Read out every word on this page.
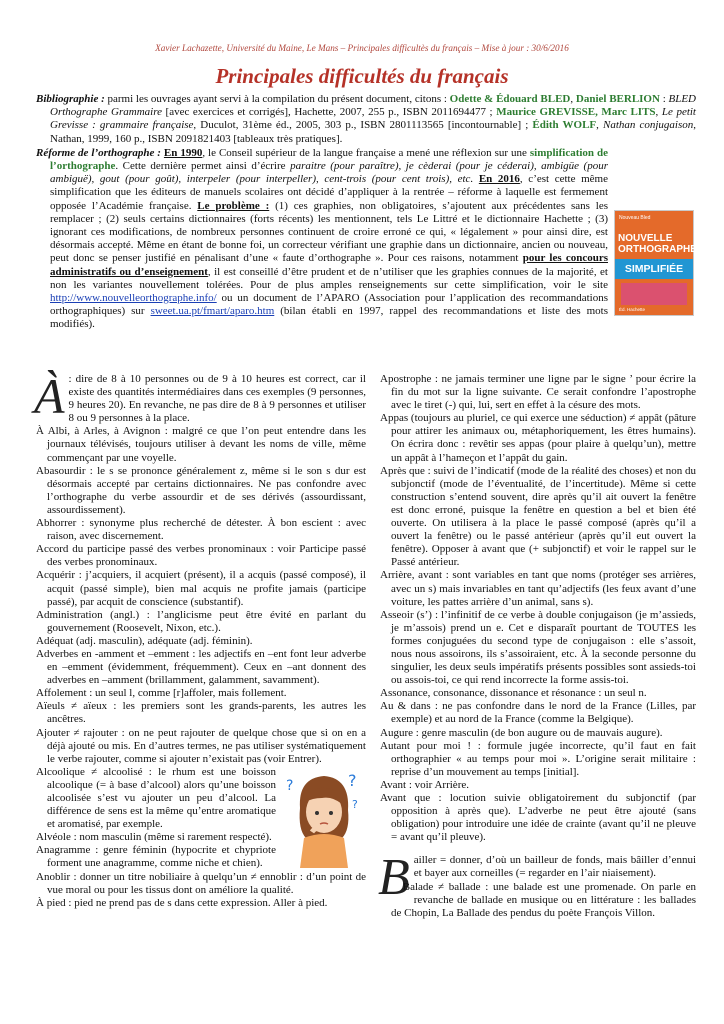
Xavier Lachazette, Université du Maine, Le Mans – Principales difficultès du français – Mise à jour : 30/6/2016
Principales difficultés du français

Bibliographie : parmi les ouvrages ayant servi à la compilation du présent document, citons : Odette & Édouard BLED, Daniel BERLION : BLED Orthographe Grammaire [avec exercices et corrigés], Hachette, 2007, 255 p., ISBN 2011694477 ; Maurice GREVISSE, Marc LITS, Le petit Grevisse : grammaire française, Duculot, 31ème éd., 2005, 303 p., ISBN 2801113565 [incontournable] ; Édith WOLF, Nathan conjugaison, Nathan, 1999, 160 p., ISBN 2091821403 [tableaux très pratiques].

Réforme de l’orthographe : En 1990, le Conseil supérieur de la langue française a mené une réflexion sur une simplification de l’orthographe. Cette dernière permet ainsi d’écrire paraitre (pour paraître), je cèderai (pour je céderai), ambigüe (pour ambiguë), gout (pour goût), interpeler (pour interpeller), cent-trois (pour cent trois), etc. En 2016, c’est cette même simplification que les éditeurs de manuels scolaires ont décidé d’appliquer à la rentrée – réforme à laquelle est fermement opposée l’Académie française. Le problème : (1) ces graphies, non obligatoires, s’ajoutent aux précédentes sans les remplacer ; (2) seuls certains dictionnaires (forts récents) les mentionnent, tels Le Littré et le dictionnaire Hachette ; (3) ignorant ces modifications, de nombreux personnes continuent de croire erroné ce qui, « légalement » pour ainsi dire, est désormais accepté. Même en étant de bonne foi, un correcteur vérifiant une graphie dans un dictionnaire, ancien ou nouveau, peut donc se penser justifié en pénalisant d’une « faute d’orthographe ». Pour ces raisons, notamment pour les concours administratifs ou d’enseignement, il est conseillé d’être prudent et de n’utiliser que les graphies connues de la majorité, et non les variantes nouvellement tolérées. Pour de plus amples renseignements sur cette simplification, voir le site http://www.nouvelleorthographe.info/ ou un document de l’APARO (Association pour l’application des recommandations orthographiques) sur sweet.ua.pt/fmart/aparo.htm (bilan établi en 1997, rappel des recommandations et liste des mots modifiés).

Nouveau Bled
NOUVELLE ORTHOGRAPHE
SIMPLIFIÉE
Éd. Hachette
À : dire de 8 à 10 personnes ou de 9 à 10 heures est correct, car il existe des quantités intermédiaires dans ces exemples (9 personnes, 9 heures 20). En revanche, ne pas dire de 8 à 9 personnes et utiliser 8 ou 9 personnes à la place.

À Albi, à Arles, à Avignon : malgré ce que l’on peut entendre dans les journaux télévisés, toujours utiliser à devant les noms de ville, même commençant par une voyelle.

Abasourdir : le s se prononce généralement z, même si le son s dur est désormais accepté par certains dictionnaires. Ne pas confondre avec l’orthographe du verbe assourdir et de ses dérivés (assourdissant, assourdissement).

Abhorrer : synonyme plus recherché de détester. À bon escient : avec raison, avec discernement.

Accord du participe passé des verbes pronominaux : voir Participe passé des verbes pronominaux.

Acquérir : j’acquiers, il acquiert (présent), il a acquis (passé composé), il acquit (passé simple), bien mal acquis ne profite jamais (participe passé), par acquit de conscience (substantif).

Administration (angl.) : l’anglicisme peut être évité en parlant du gouvernement (Roosevelt, Nixon, etc.).

Adéquat (adj. masculin), adéquate (adj. féminin).

Adverbes en -amment et –emment : les adjectifs en –ent font leur adverbe en –emment (évidemment, fréquemment). Ceux en –ant donnent des adverbes en –amment (brillamment, galamment, savamment).

Affolement : un seul l, comme [r]affoler, mais follement.

Aïeuls ≠ aïeux : les premiers sont les grands-parents, les autres les ancêtres.

Ajouter ≠ rajouter : on ne peut rajouter de quelque chose que si on en a déjà ajouté ou mis. En d’autres termes, ne pas utiliser systématiquement le verbe rajouter, comme si ajouter n’existait pas (voir Entrer).

?	?
?

Alcoolique ≠ alcoolisé : le rhum est une boisson alcoolique (= à base d’alcool) alors qu’une boisson alcoolisée s’est vu ajouter un peu d’alcool. La différence de sens est la même qu’entre aromatique et aromatisé, par exemple.

Alvéole : nom masculin (même si rarement respecté).

Anagramme : genre féminin (hypocrite et chypriote forment une anagramme, comme niche et chien).

Anoblir : donner un titre nobiliaire à quelqu’un ≠ ennoblir : d’un point de vue moral ou pour les tissus dont on améliore la qualité.

À pied : pied ne prend pas de s dans cette expression. Aller à pied.

Apostrophe : ne jamais terminer une ligne par le signe ’ pour écrire la fin du mot sur la ligne suivante. Ce serait confondre l’apostrophe avec le tiret (-) qui, lui, sert en effet à la césure des mots.

Appas (toujours au pluriel, ce qui exerce une séduction) ≠ appât (pâture pour attirer les animaux ou, métaphoriquement, les êtres humains). On écrira donc : revêtir ses appas (pour plaire à quelqu’un), mettre un appât à l’hameçon et l’appât du gain.

Après que : suivi de l’indicatif (mode de la réalité des choses) et non du subjonctif (mode de l’éventualité, de l’incertitude). Même si cette construction s’entend souvent, dire après qu’il ait ouvert la fenêtre est donc erroné, puisque la fenêtre en question a bel et bien été ouverte. On utilisera à la place le passé composé (après qu’il a ouvert la fenêtre) ou le passé antérieur (après qu’il eut ouvert la fenêtre). Opposer à avant que (+ subjonctif) et voir le rappel sur le Passé antérieur.

Arrière, avant : sont variables en tant que noms (protéger ses arrières, avec un s) mais invariables en tant qu’adjectifs (les feux avant d’une voiture, les pattes arrière d’un animal, sans s).

Asseoir (s’) : l’infinitif de ce verbe à double conjugaison (je m’assieds, je m’assois) prend un e. Cet e disparaît pourtant de TOUTES les formes conjuguées du second type de conjugaison : elle s’assoit, nous nous assoirons, ils s’assoiraient, etc. À la seconde personne du singulier, les deux seuls impératifs présents possibles sont assieds-toi ou assois-toi, ce qui rend incorrecte la forme assis-toi.

Assonance, consonance, dissonance et résonance : un seul n.

Au & dans : ne pas confondre dans le nord de la France (Lilles, par exemple) et au nord de la France (comme la Belgique).

Augure : genre masculin (de bon augure ou de mauvais augure).

Autant pour moi ! : formule jugée incorrecte, qu’il faut en fait orthographier « au temps pour moi ». L’origine serait militaire : reprise d’un mouvement au temps [initial].

Avant : voir Arrière.

Avant que : locution suivie obligatoirement du subjonctif (par opposition à après que). L’adverbe ne peut être ajouté (sans obligation) pour introduire une idée de crainte (avant qu’il ne pleuve = avant qu’il pleuve).

B ailler = donner, d’où un bailleur de fonds, mais bâiller d’ennui et bayer aux corneilles (= regarder en l’air niaisement).

Balade ≠ ballade : une balade est une promenade. On parle en revanche de ballade en musique ou en littérature : les ballades de Chopin, La Ballade des pendus du poète François Villon.
